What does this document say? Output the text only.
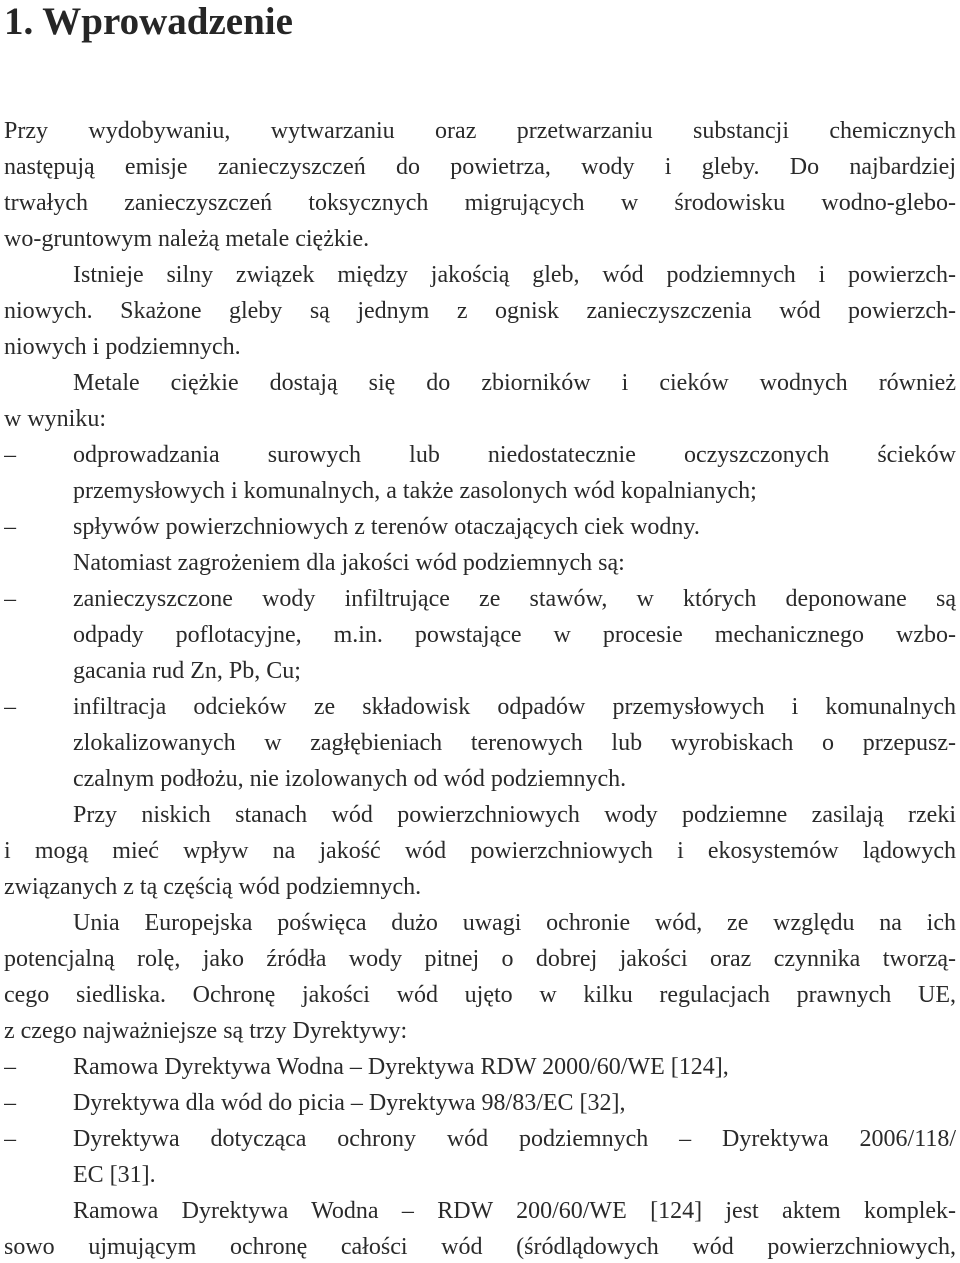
1. Wprowadzenie
Przy wydobywaniu, wytwarzaniu oraz przetwarzaniu substancji chemicznych
następują emisje zanieczyszczeń do powietrza, wody i gleby. Do najbardziej
trwałych zanieczyszczeń toksycznych migrujących w środowisku wodno-glebo-
wo-gruntowym należą metale ciężkie.
Istnieje silny związek między jakością gleb, wód podziemnych i powierzch-
niowych. Skażone gleby są jednym z ognisk zanieczyszczenia wód powierzch-
niowych i podziemnych.
Metale ciężkie dostają się do zbiorników i cieków wodnych również
w wyniku:
–	odprowadzania surowych lub niedostatecznie oczyszczonych ścieków
przemysłowych i komunalnych, a także zasolonych wód kopalnianych;
–	spływów powierzchniowych z terenów otaczających ciek wodny.
Natomiast zagrożeniem dla jakości wód podziemnych są:
–	zanieczyszczone wody infiltrujące ze stawów, w których deponowane są
odpady poflotacyjne, m.in. powstające w procesie mechanicznego wzbo-
gacania rud Zn, Pb, Cu;
–	infiltracja odcieków ze składowisk odpadów przemysłowych i komunalnych
zlokalizowanych w zagłębieniach terenowych lub wyrobiskach o przepusz-
czalnym podłożu, nie izolowanych od wód podziemnych.
Przy niskich stanach wód powierzchniowych wody podziemne zasilają rzeki
i mogą mieć wpływ na jakość wód powierzchniowych i ekosystemów lądowych
związanych z tą częścią wód podziemnych.
Unia Europejska poświęca dużo uwagi ochronie wód, ze względu na ich
potencjalną rolę, jako źródła wody pitnej o dobrej jakości oraz czynnika tworzą-
cego siedliska. Ochronę jakości wód ujęto w kilku regulacjach prawnych UE,
z czego najważniejsze są trzy Dyrektywy:
–	Ramowa Dyrektywa Wodna – Dyrektywa RDW 2000/60/WE [124],
–	Dyrektywa dla wód do picia – Dyrektywa 98/83/EC [32],
–	Dyrektywa dotycząca ochrony wód podziemnych – Dyrektywa 2006/118/
EC [31].
Ramowa Dyrektywa Wodna – RDW 200/60/WE [124] jest aktem komplek-
sowo ujmującym ochronę całości wód (śródlądowych wód powierzchniowych,
